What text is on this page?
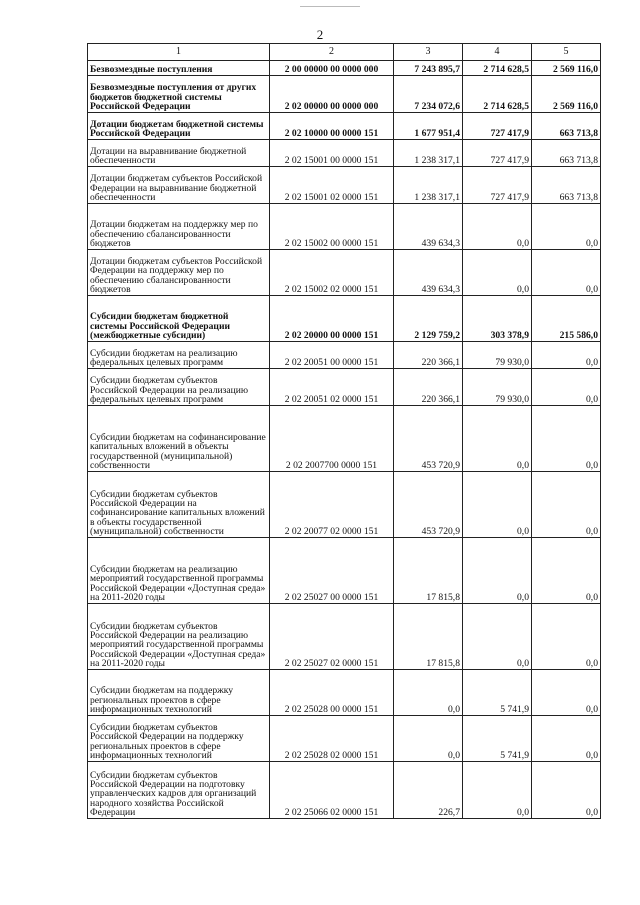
2
1	2	3	4	5
Безвозмездные поступления	2 00 00000 00 0000 000	7 243 895,7	2 714 628,5	2 569 116,0
Безвозмездные поступления от других бюджетов бюджетной системы Российской Федерации	2 02 00000 00 0000 000	7 234 072,6	2 714 628,5	2 569 116,0
Дотации бюджетам бюджетной системы Российской Федерации	2 02 10000 00 0000 151	1 677 951,4	727 417,9	663 713,8
Дотации на выравнивание бюджетной обеспеченности	2 02 15001 00 0000 151	1 238 317,1	727 417,9	663 713,8
Дотации бюджетам субъектов Российской Федерации на выравнивание бюджетной обеспеченности	2 02 15001 02 0000 151	1 238 317,1	727 417,9	663 713,8
Дотации бюджетам на поддержку мер по обеспечению сбалансированности бюджетов	2 02 15002 00 0000 151	439 634,3	0,0	0,0
Дотации бюджетам субъектов Российской Федерации на поддержку мер по обеспечению сбалансированности бюджетов	2 02 15002 02 0000 151	439 634,3	0,0	0,0
Субсидии бюджетам бюджетной системы Российской Федерации (межбюджетные субсидии)	2 02 20000 00 0000 151	2 129 759,2	303 378,9	215 586,0
Субсидии бюджетам на реализацию федеральных целевых программ	2 02 20051 00 0000 151	220 366,1	79 930,0	0,0
Субсидии бюджетам субъектов Российской Федерации на реализацию федеральных целевых программ	2 02 20051 02 0000 151	220 366,1	79 930,0	0,0
Субсидии бюджетам на софинансирование капитальных вложений в объекты государственной (муниципальной) собственности	2 02 2007700 0000 151	453 720,9	0,0	0,0
Субсидии бюджетам субъектов Российской Федерации на софинансирование капитальных вложений в объекты государственной (муниципальной) собственности	2 02 20077 02 0000 151	453 720,9	0,0	0,0
Субсидии бюджетам на реализацию мероприятий государственной программы Российской Федерации «Доступная среда» на 2011-2020 годы	2 02 25027 00 0000 151	17 815,8	0,0	0,0
Субсидии бюджетам субъектов Российской Федерации на реализацию мероприятий государственной программы Российской Федерации «Доступная среда» на 2011-2020 годы	2 02 25027 02 0000 151	17 815,8	0,0	0,0
Субсидии бюджетам на поддержку региональных проектов в сфере информационных технологий	2 02 25028 00 0000 151	0,0	5 741,9	0,0
Субсидии бюджетам субъектов Российской Федерации на поддержку региональных проектов в сфере информационных технологий	2 02 25028 02 0000 151	0,0	5 741,9	0,0
Субсидии бюджетам субъектов Российской Федерации на подготовку управленческих кадров для организаций народного хозяйства Российской Федерации	2 02 25066 02 0000 151	226,7	0,0	0,0
